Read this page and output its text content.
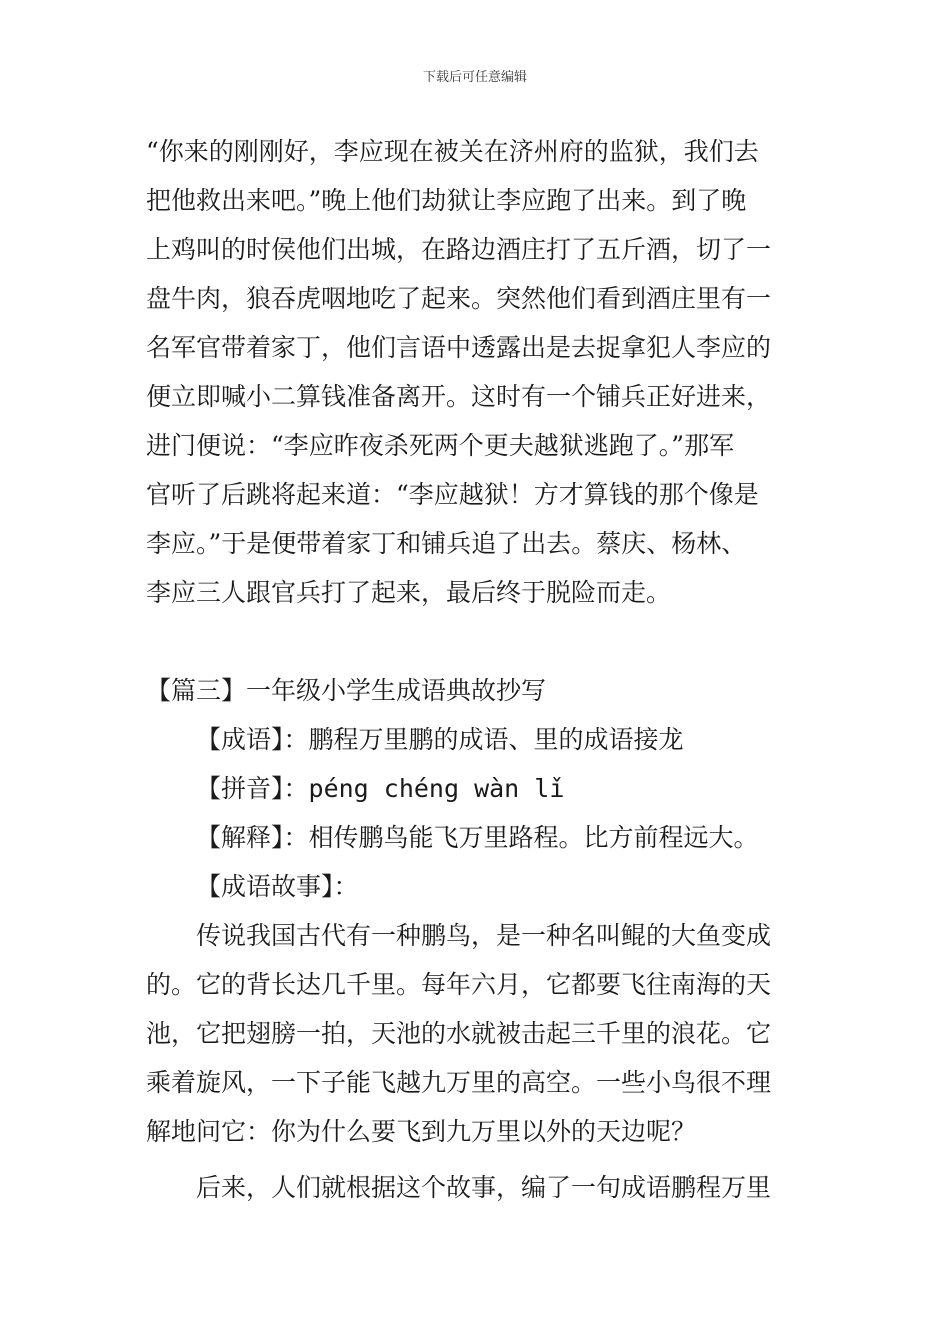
下载后可任意编辑
“你来的刚刚好，李应现在被关在济州府的监狱，我们去
把他救出来吧。”晚上他们劫狱让李应跑了出来。到了晚
上鸡叫的时侯他们出城，在路边酒庄打了五斤酒，切了一
盘牛肉，狼吞虎咽地吃了起来。突然他们看到酒庄里有一
名军官带着家丁，他们言语中透露出是去捉拿犯人李应的
便立即喊小二算钱准备离开。这时有一个铺兵正好进来，
进门便说：“李应昨夜杀死两个更夫越狱逃跑了。”那军
官听了后跳将起来道：“李应越狱！方才算钱的那个像是
李应。”于是便带着家丁和铺兵追了出去。蔡庆、杨林、
李应三人跟官兵打了起来，最后终于脱险而走。
【篇三】一年级小学生成语典故抄写
【成语】：鹏程万里鹏的成语、里的成语接龙
【拼音】：péng chéng wàn lǐ
【解释】：相传鹏鸟能飞万里路程。比方前程远大。
【成语故事】：
传说我国古代有一种鹏鸟，是一种名叫鲲的大鱼变成
的。它的背长达几千里。每年六月，它都要飞往南海的天
池，它把翅膀一拍，天池的水就被击起三千里的浪花。它
乘着旋风，一下子能飞越九万里的高空。一些小鸟很不理
解地问它：你为什么要飞到九万里以外的天边呢？
后来，人们就根据这个故事，编了一句成语鹏程万里
